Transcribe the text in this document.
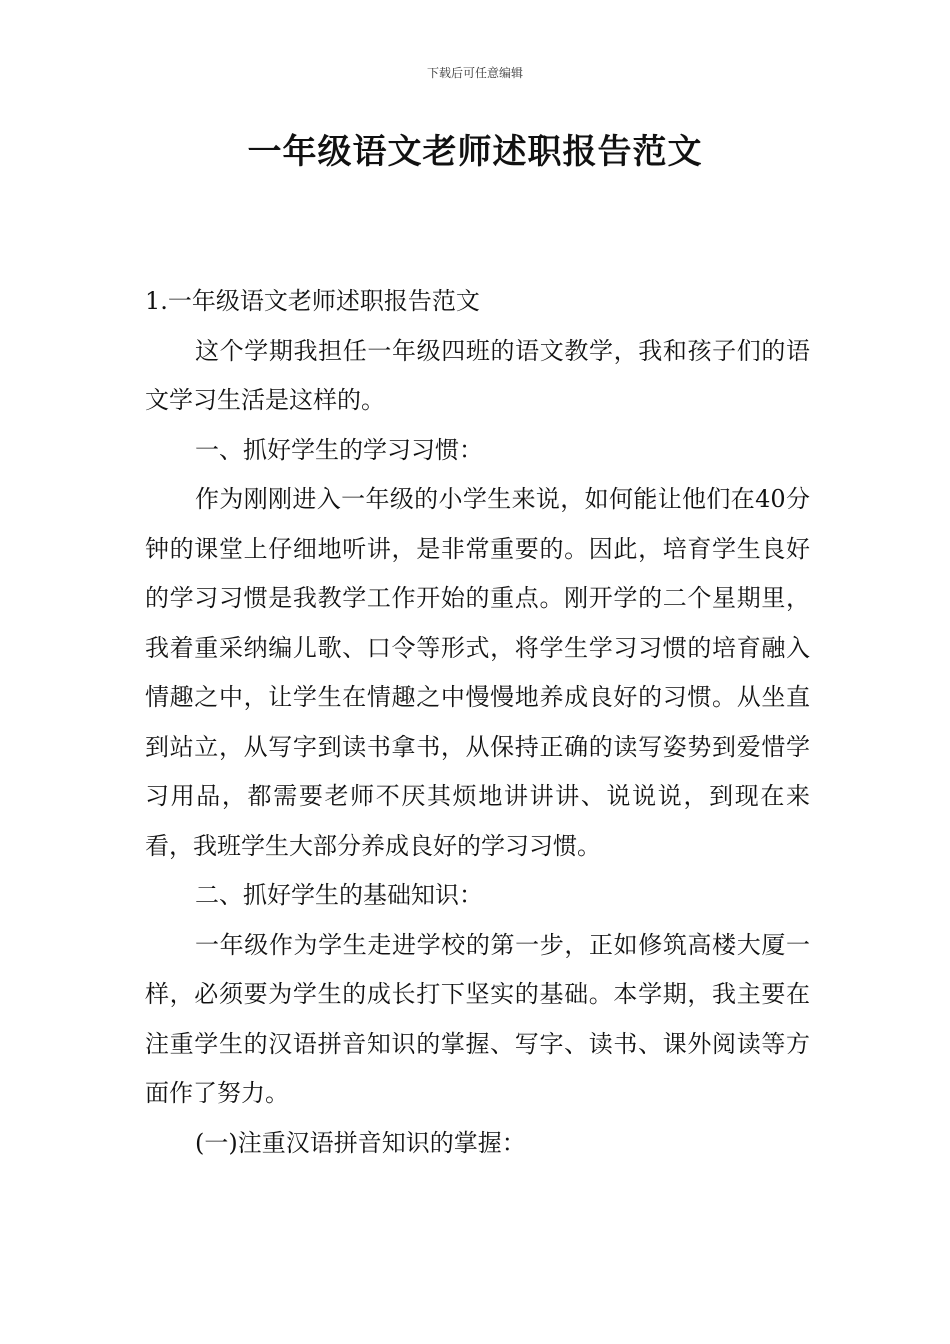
下载后可任意编辑
一年级语文老师述职报告范文

1.一年级语文老师述职报告范文

这个学期我担任一年级四班的语文教学，我和孩子们的语文学习生活是这样的。

一、抓好学生的学习习惯：

作为刚刚进入一年级的小学生来说，如何能让他们在40分钟的课堂上仔细地听讲，是非常重要的。因此，培育学生良好的学习习惯是我教学工作开始的重点。刚开学的二个星期里，我着重采纳编儿歌、口令等形式，将学生学习习惯的培育融入情趣之中，让学生在情趣之中慢慢地养成良好的习惯。从坐直到站立，从写字到读书拿书，从保持正确的读写姿势到爱惜学习用品，都需要老师不厌其烦地讲讲讲、说说说，到现在来看，我班学生大部分养成良好的学习习惯。

二、抓好学生的基础知识：

一年级作为学生走进学校的第一步，正如修筑高楼大厦一样，必须要为学生的成长打下坚实的基础。本学期，我主要在注重学生的汉语拼音知识的掌握、写字、读书、课外阅读等方面作了努力。

(一)注重汉语拼音知识的掌握：
